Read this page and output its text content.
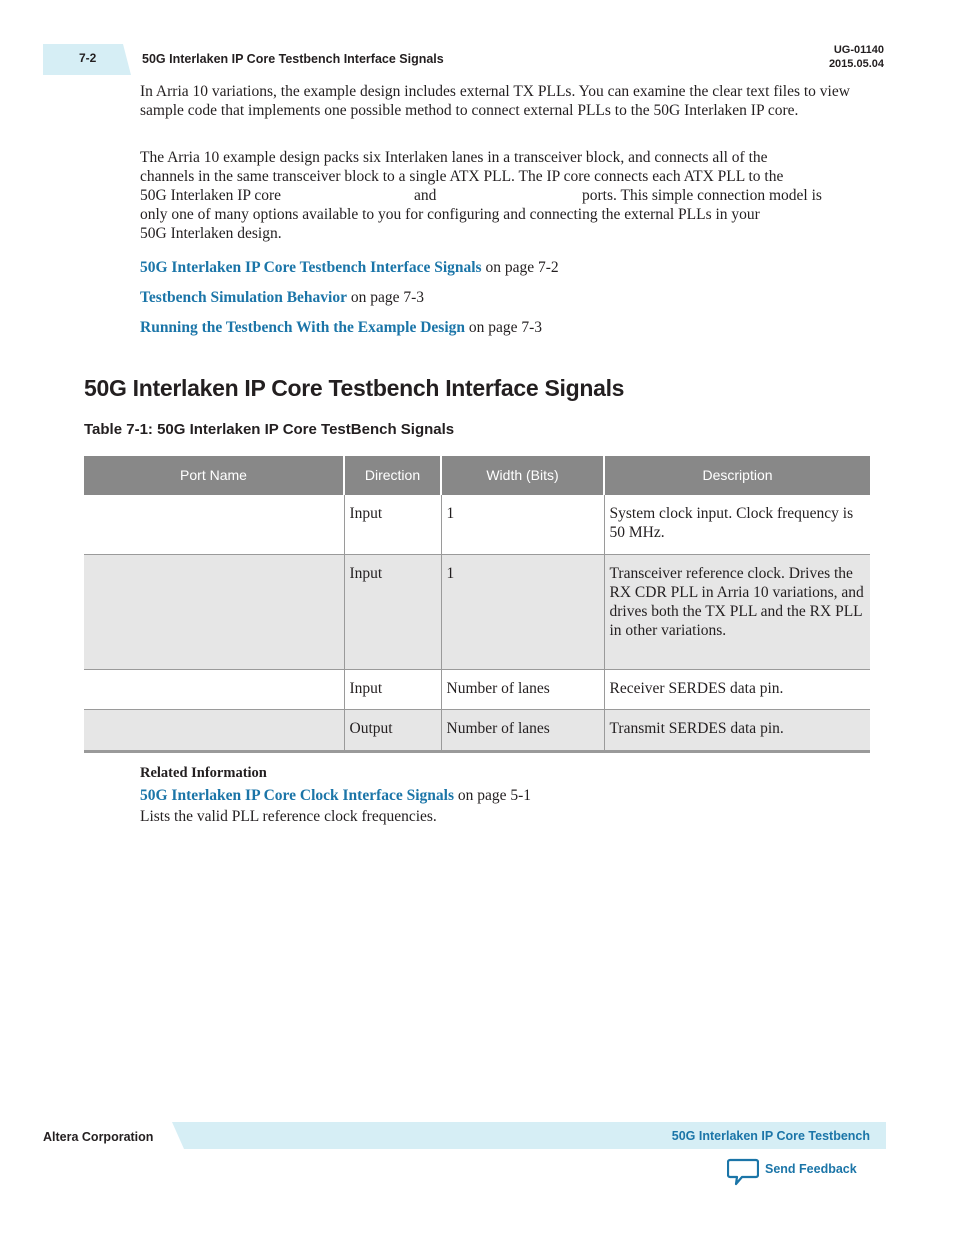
7-2	50G Interlaken IP Core Testbench Interface Signals
UG-01140
2015.05.04

In Arria 10 variations, the example design includes external TX PLLs. You can examine the clear text files to view sample code that implements one possible method to connect external PLLs to the 50G Interlaken IP core.

The Arria 10 example design packs six Interlaken lanes in a transceiver block, and connects all of the
channels in the same transceiver block to a single ATX PLL. The IP core connects each ATX PLL to the
50G Interlaken IP core	and	ports. This simple connection model is
only one of many options available to you for configuring and connecting the external PLLs in your
50G Interlaken design.
50G Interlaken IP Core Testbench Interface Signals on page 7-2
Testbench Simulation Behavior on page 7-3
Running the Testbench With the Example Design on page 7-3
50G Interlaken IP Core Testbench Interface Signals
Table 7-1: 50G Interlaken IP Core TestBench Signals
Port Name	Direction	Width (Bits)	Description
	Input	1	System clock input. Clock frequency is 50 MHz.
	Input	1	Transceiver reference clock. Drives the RX CDR PLL in Arria 10 variations, and drives both the TX PLL and the RX PLL in other variations.
	Input	Number of lanes	Receiver SERDES data pin.
	Output	Number of lanes	Transmit SERDES data pin.
Related Information
50G Interlaken IP Core Clock Interface Signals on page 5-1
Lists the valid PLL reference clock frequencies.
Altera Corporation	50G Interlaken IP Core Testbench
Send Feedback
